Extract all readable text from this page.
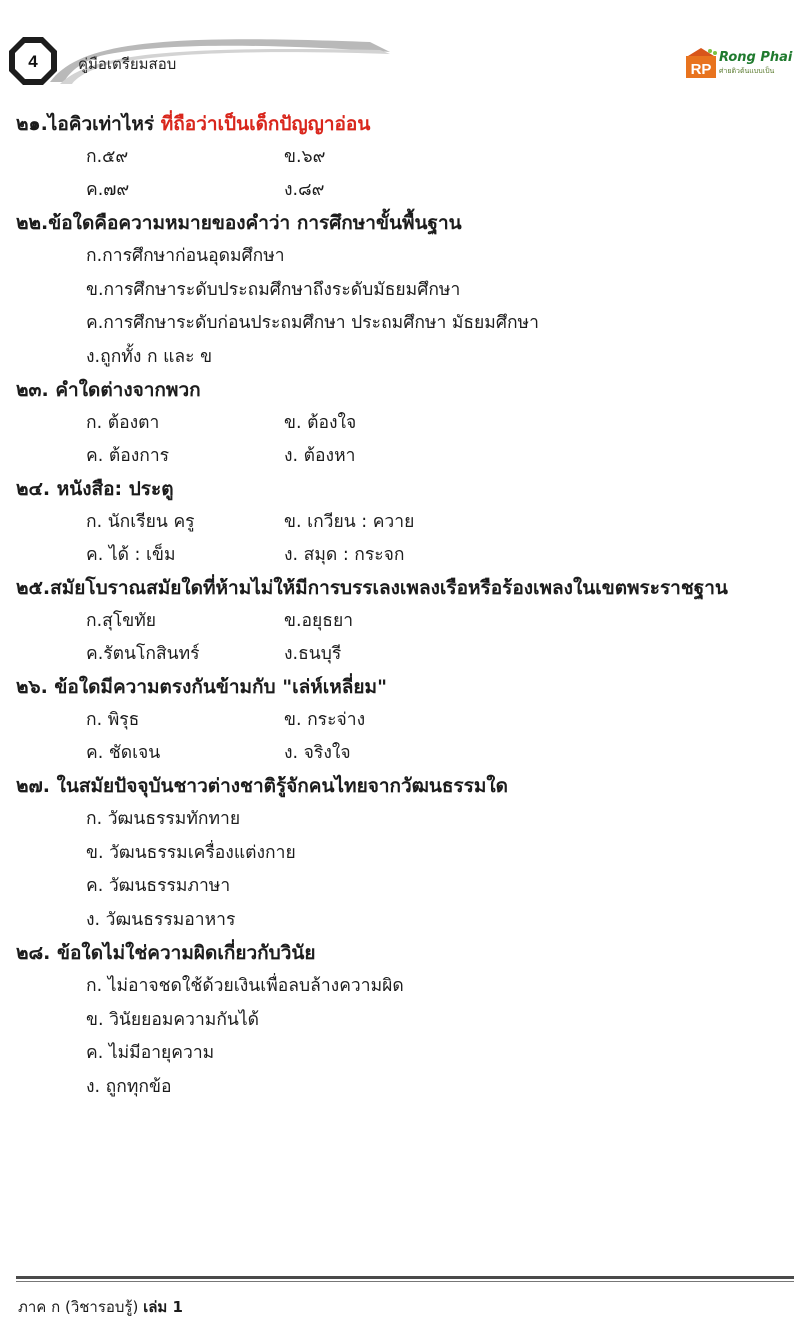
4	คู่มือเตรียมสอบ	RP
Rong Phai
ศ่ายติวต้นแบบเป็น
๒๑.ไอคิวเท่าไหร่ ที่ถือว่าเป็นเด็กปัญญาอ่อน
ก.๕๙	ข.๖๙
ค.๗๙	ง.๘๙
๒๒.ข้อใดคือความหมายของคำว่า การศึกษาขั้นพื้นฐาน
ก.การศึกษาก่อนอุดมศึกษา
ข.การศึกษาระดับประถมศึกษาถึงระดับมัธยมศึกษา
ค.การศึกษาระดับก่อนประถมศึกษา ประถมศึกษา มัธยมศึกษา
ง.ถูกทั้ง ก และ ข
๒๓. คำใดต่างจากพวก
ก. ต้องตา	ข. ต้องใจ
ค. ต้องการ	ง. ต้องหา
๒๔. หนังสือ: ประตู
ก. นักเรียน ครู	ข. เกวียน : ควาย
ค. ได้ : เข็ม	ง. สมุด : กระจก
๒๕.สมัยโบราณสมัยใดที่ห้ามไม่ให้มีการบรรเลงเพลงเรือหรือร้องเพลงในเขตพระราชฐาน
ก.สุโขทัย	ข.อยุธยา
ค.รัตนโกสินทร์	ง.ธนบุรี
๒๖. ข้อใดมีความตรงกันข้ามกับ "เล่ห์เหลี่ยม"
ก. พิรุธ	ข. กระจ่าง
ค. ชัดเจน	ง. จริงใจ
๒๗. ในสมัยปัจจุบันชาวต่างชาติรู้จักคนไทยจากวัฒนธรรมใด
ก. วัฒนธรรมทักทาย
ข. วัฒนธรรมเครื่องแต่งกาย
ค. วัฒนธรรมภาษา
ง. วัฒนธรรมอาหาร
๒๘. ข้อใดไม่ใช่ความผิดเกี่ยวกับวินัย
ก. ไม่อาจชดใช้ด้วยเงินเพื่อลบล้างความผิด
ข. วินัยยอมความกันได้
ค. ไม่มีอายุความ
ง. ถูกทุกข้อ
ภาค ก (วิชารอบรู้) เล่ม 1
